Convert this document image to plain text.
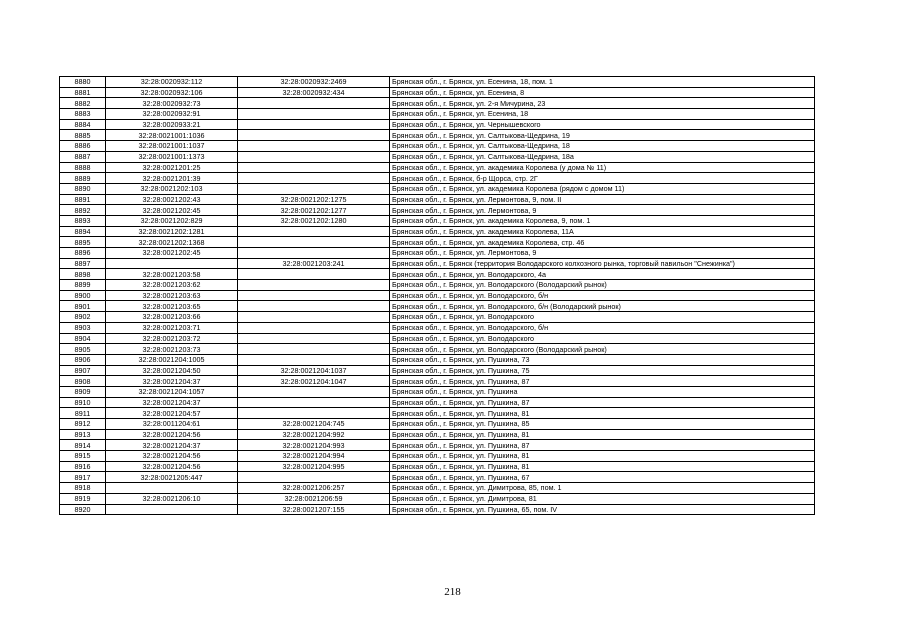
8880	32:28:0020932:112	32:28:0020932:2469	Брянская обл., г. Брянск, ул. Есенина, 18, пом. 1
8881	32:28:0020932:106	32:28:0020932:434	Брянская обл., г. Брянск, ул. Есенина, 8
8882	32:28:0020932:73		Брянская обл., г. Брянск, ул. 2-я Мичурина, 23
8883	32:28:0020932:91		Брянская обл., г. Брянск, ул. Есенина, 18
8884	32:28:0020933:21		Брянская обл., г. Брянск, ул. Чернышевского
8885	32:28:0021001:1036		Брянская обл., г. Брянск, ул. Салтыкова-Щедрина, 19
8886	32:28:0021001:1037		Брянская обл., г. Брянск, ул. Салтыкова-Щедрина, 18
8887	32:28:0021001:1373		Брянская обл., г. Брянск, ул. Салтыкова-Щедрина, 18а
8888	32:28:0021201:25		Брянская обл., г. Брянск, ул. академика Королева (у дома № 11)
8889	32:28:0021201:39		Брянская обл., г. Брянск, б-р Щорса, стр. 2Г
8890	32:28:0021202:103		Брянская обл., г. Брянск, ул. академика Королева (рядом с домом 11)
8891	32:28:0021202:43	32:28:0021202:1275	Брянская обл., г. Брянск, ул. Лермонтова, 9, пом. II
8892	32:28:0021202:45	32:28:0021202:1277	Брянская обл., г. Брянск, ул. Лермонтова, 9
8893	32:28:0021202:829	32:28:0021202:1280	Брянская обл., г. Брянск, ул. академика Королева, 9, пом. 1
8894	32:28:0021202:1281		Брянская обл., г. Брянск, ул. академика Королева, 11А
8895	32:28:0021202:1368		Брянская обл., г. Брянск, ул. академика Королева, стр. 46
8896	32:28:0021202:45		Брянская обл., г. Брянск, ул. Лермонтова, 9
8897		32:28:0021203:241	Брянская обл., г. Брянск (территория Володарского колхозного рынка, торговый павильон "Снежинка")
8898	32:28:0021203:58		Брянская обл., г. Брянск, ул. Володарского, 4а
8899	32:28:0021203:62		Брянская обл., г. Брянск, ул. Володарского (Володарский рынок)
8900	32:28:0021203:63		Брянская обл., г. Брянск, ул. Володарского, б/н
8901	32:28:0021203:65		Брянская обл., г. Брянск, ул. Володарского, б/н (Володарский рынок)
8902	32:28:0021203:66		Брянская обл., г. Брянск, ул. Володарского
8903	32:28:0021203:71		Брянская обл., г. Брянск, ул. Володарского, б/н
8904	32:28:0021203:72		Брянская обл., г. Брянск, ул. Володарского
8905	32:28:0021203:73		Брянская обл., г. Брянск, ул. Володарского (Володарский рынок)
8906	32:28:0021204:1005		Брянская обл., г. Брянск, ул. Пушкина, 73
8907	32:28:0021204:50	32:28:0021204:1037	Брянская обл., г. Брянск, ул. Пушкина, 75
8908	32:28:0021204:37	32:28:0021204:1047	Брянская обл., г. Брянск, ул. Пушкина, 87
8909	32:28:0021204:1057		Брянская обл., г. Брянск, ул. Пушкина
8910	32:28:0021204:37		Брянская обл., г. Брянск, ул. Пушкина, 87
8911	32:28:0021204:57		Брянская обл., г. Брянск, ул. Пушкина, 81
8912	32:28:0011204:61	32:28:0021204:745	Брянская обл., г. Брянск, ул. Пушкина, 85
8913	32:28:0021204:56	32:28:0021204:992	Брянская обл., г. Брянск, ул. Пушкина, 81
8914	32:28:0021204:37	32:28:0021204:993	Брянская обл., г. Брянск, ул. Пушкина, 87
8915	32:28:0021204:56	32:28:0021204:994	Брянская обл., г. Брянск, ул. Пушкина, 81
8916	32:28:0021204:56	32:28:0021204:995	Брянская обл., г. Брянск, ул. Пушкина, 81
8917	32:28:0021205:447		Брянская обл., г. Брянск, ул. Пушкина, 67
8918		32:28:0021206:257	Брянская обл., г. Брянск, ул. Димитрова, 85, пом. 1
8919	32:28:0021206:10	32:28:0021206:59	Брянская обл., г. Брянск, ул. Димитрова, 81
8920		32:28:0021207:155	Брянская обл., г. Брянск, ул. Пушкина, 65, пом. IV
218
